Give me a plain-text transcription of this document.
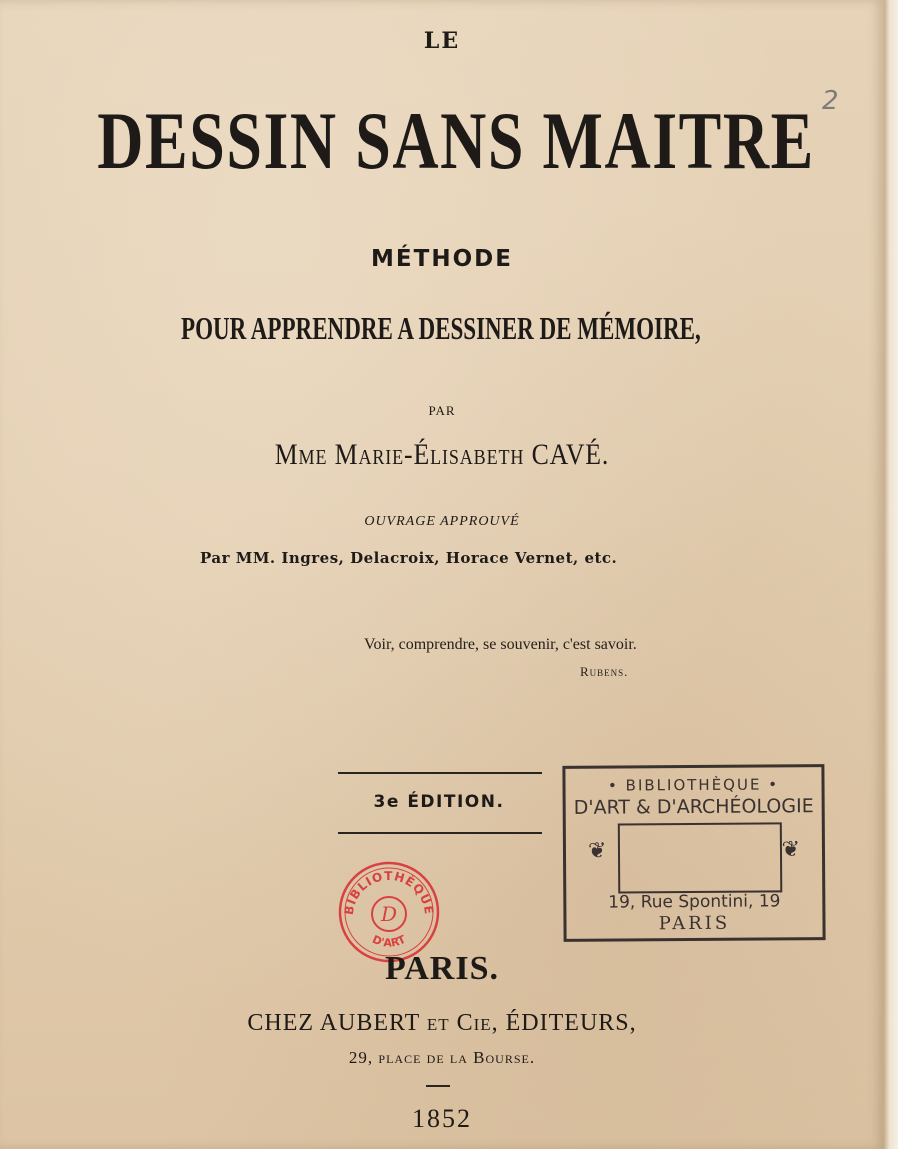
LE
DESSIN SANS MAITRE
MÉTHODE
POUR APPRENDRE A DESSINER DE MÉMOIRE,
PAR
Mme Marie-Élisabeth CAVÉ.
OUVRAGE APPROUVÉ
Par MM. Ingres, Delacroix, Horace Vernet, etc.
Voir, comprendre, se souvenir, c'est savoir.
Rubens.
3e ÉDITION.
• BIBLIOTHÈQUE •
D'ART & D'ARCHÉOLOGIE
❦	❦
19, Rue Spontini, 19
PARIS
BIBLIOTHÈQUE
D'ART
D
PARIS.
CHEZ AUBERT et Cie, ÉDITEURS,
29, place de la Bourse.
1852
2
